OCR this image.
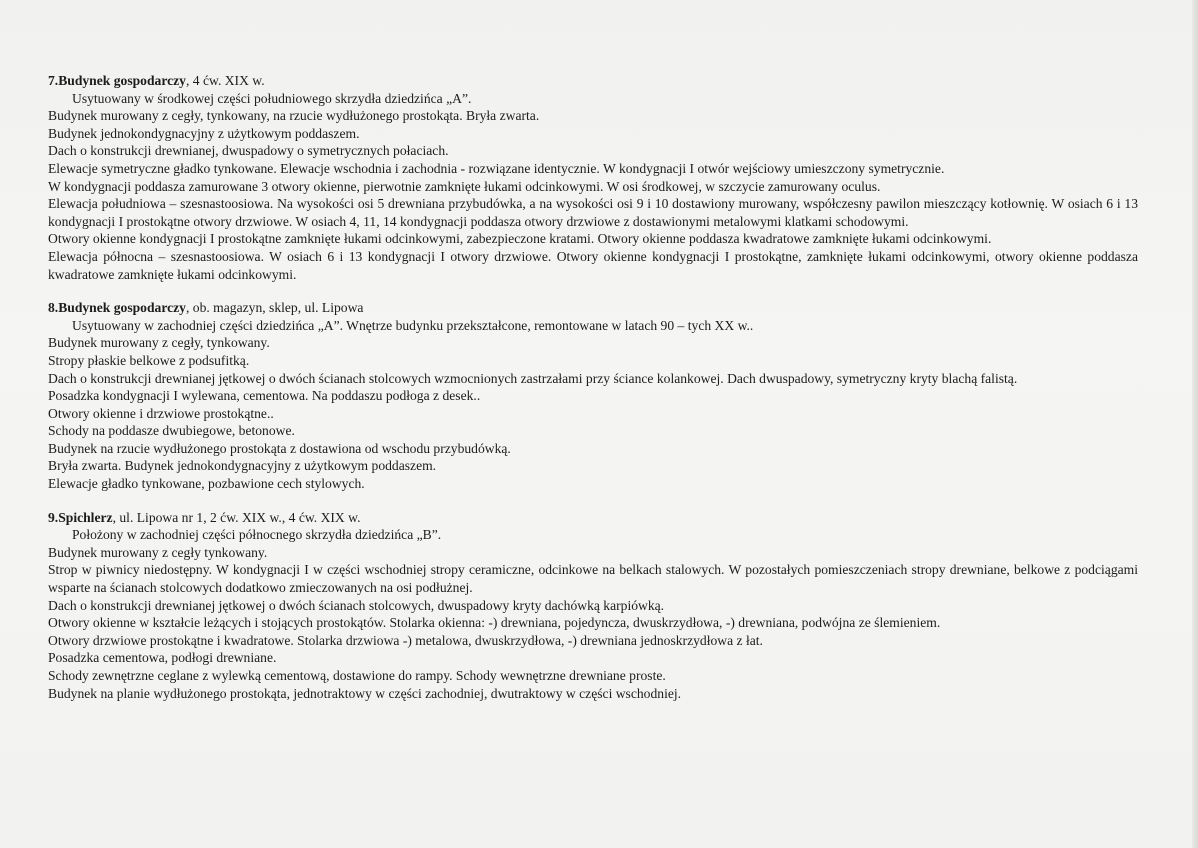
7.Budynek gospodarczy, 4 ćw. XIX w.

Usytuowany w środkowej części południowego skrzydła dziedzińca „A”.

Budynek murowany z cegły, tynkowany, na rzucie wydłużonego prostokąta. Bryła zwarta.

Budynek jednokondygnacyjny z użytkowym poddaszem.

Dach o konstrukcji drewnianej, dwuspadowy o symetrycznych połaciach.

Elewacje symetryczne gładko tynkowane. Elewacje wschodnia i zachodnia - rozwiązane identycznie. W kondygnacji I otwór wejściowy umieszczony symetrycznie.

W kondygnacji poddasza zamurowane 3 otwory okienne, pierwotnie zamknięte łukami odcinkowymi. W osi środkowej, w szczycie zamurowany oculus.

Elewacja południowa – szesnastoosiowa. Na wysokości osi 5 drewniana przybudówka, a na wysokości osi 9 i 10 dostawiony murowany, współczesny pawilon mieszczący kotłownię. W osiach 6 i 13 kondygnacji I prostokątne otwory drzwiowe. W osiach 4, 11, 14 kondygnacji poddasza otwory drzwiowe z dostawionymi metalowymi klatkami schodowymi.

Otwory okienne kondygnacji I prostokątne zamknięte łukami odcinkowymi, zabezpieczone kratami. Otwory okienne poddasza kwadratowe zamknięte łukami odcinkowymi.

Elewacja północna – szesnastoosiowa. W osiach 6 i 13 kondygnacji I otwory drzwiowe. Otwory okienne kondygnacji I prostokątne, zamknięte łukami odcinkowymi, otwory okienne poddasza kwadratowe zamknięte łukami odcinkowymi.

8.Budynek gospodarczy, ob. magazyn, sklep, ul. Lipowa

Usytuowany w zachodniej części dziedzińca „A”. Wnętrze budynku przekształcone, remontowane w latach 90 – tych XX w..

Budynek murowany z cegły, tynkowany.

Stropy płaskie belkowe z podsufitką.

Dach o konstrukcji drewnianej jętkowej o dwóch ścianach stolcowych wzmocnionych zastrzałami przy ściance kolankowej. Dach dwuspadowy, symetryczny kryty blachą falistą.

Posadzka kondygnacji I wylewana, cementowa. Na poddaszu podłoga z desek..

Otwory okienne i drzwiowe prostokątne..

Schody na poddasze dwubiegowe, betonowe.

Budynek na rzucie wydłużonego prostokąta z dostawiona od wschodu przybudówką.

Bryła zwarta. Budynek jednokondygnacyjny z użytkowym poddaszem.

Elewacje gładko tynkowane, pozbawione cech stylowych.

9.Spichlerz, ul. Lipowa nr 1, 2 ćw. XIX w., 4 ćw. XIX w.

Położony w zachodniej części północnego skrzydła dziedzińca „B”.

Budynek murowany z cegły tynkowany.

Strop w piwnicy niedostępny. W kondygnacji I w części wschodniej stropy ceramiczne, odcinkowe na belkach stalowych. W pozostałych pomieszczeniach stropy drewniane, belkowe z podciągami wsparte na ścianach stolcowych dodatkowo zmieczowanych na osi podłużnej.

Dach o konstrukcji drewnianej jętkowej o dwóch ścianach stolcowych, dwuspadowy kryty dachówką karpiówką.

Otwory okienne w kształcie leżących i stojących prostokątów. Stolarka okienna: -) drewniana, pojedyncza, dwuskrzydłowa, -) drewniana, podwójna ze ślemieniem.

Otwory drzwiowe prostokątne i kwadratowe. Stolarka drzwiowa -) metalowa, dwuskrzydłowa, -) drewniana jednoskrzydłowa z łat.

Posadzka cementowa, podłogi drewniane.

Schody zewnętrzne ceglane z wylewką cementową, dostawione do rampy. Schody wewnętrzne drewniane proste.

Budynek na planie wydłużonego prostokąta, jednotraktowy w części zachodniej, dwutraktowy w części wschodniej.
